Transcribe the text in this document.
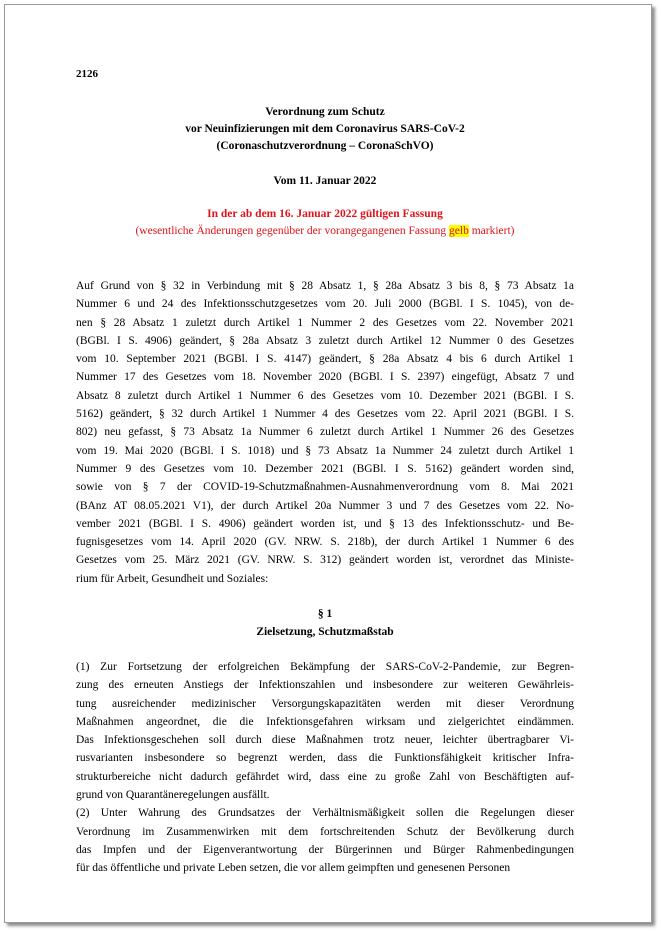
2126
Verordnung zum Schutz
vor Neuinfizierungen mit dem Coronavirus SARS-CoV-2
(Coronaschutzverordnung – CoronaSchVO)
Vom 11. Januar 2022
In der ab dem 16. Januar 2022 gültigen Fassung
(wesentliche Änderungen gegenüber der vorangegangenen Fassung gelb markiert)
Auf Grund von § 32 in Verbindung mit § 28 Absatz 1, § 28a Absatz 3 bis 8, § 73 Absatz 1a
Nummer 6 und 24 des Infektionsschutzgesetzes vom 20. Juli 2000 (BGBl. I S. 1045), von de-
nen § 28 Absatz 1 zuletzt durch Artikel 1 Nummer 2 des Gesetzes vom 22. November 2021
(BGBl. I S. 4906) geändert, § 28a Absatz 3 zuletzt durch Artikel 12 Nummer 0 des Gesetzes
vom 10. September 2021 (BGBl. I S. 4147) geändert, § 28a Absatz 4 bis 6 durch Artikel 1
Nummer 17 des Gesetzes vom 18. November 2020 (BGBl. I S. 2397) eingefügt, Absatz 7 und
Absatz 8 zuletzt durch Artikel 1 Nummer 6 des Gesetzes vom 10. Dezember 2021 (BGBl. I S.
5162) geändert, § 32 durch Artikel 1 Nummer 4 des Gesetzes vom 22. April 2021 (BGBl. I S.
802) neu gefasst, § 73 Absatz 1a Nummer 6 zuletzt durch Artikel 1 Nummer 26 des Gesetzes
vom 19. Mai 2020 (BGBl. I S. 1018) und § 73 Absatz 1a Nummer 24 zuletzt durch Artikel 1
Nummer 9 des Gesetzes vom 10. Dezember 2021 (BGBl. I S. 5162) geändert worden sind,
sowie von § 7 der COVID-19-Schutzmaßnahmen-Ausnahmenverordnung vom 8. Mai 2021
(BAnz AT 08.05.2021 V1), der durch Artikel 20a Nummer 3 und 7 des Gesetzes vom 22. No-
vember 2021 (BGBl. I S. 4906) geändert worden ist, und § 13 des Infektionsschutz- und Be-
fugnisgesetzes vom 14. April 2020 (GV. NRW. S. 218b), der durch Artikel 1 Nummer 6 des
Gesetzes vom 25. März 2021 (GV. NRW. S. 312) geändert worden ist, verordnet das Ministe-
rium für Arbeit, Gesundheit und Soziales:
§ 1
Zielsetzung, Schutzmaßstab
(1) Zur Fortsetzung der erfolgreichen Bekämpfung der SARS-CoV-2-Pandemie, zur Begren-
zung des erneuten Anstiegs der Infektionszahlen und insbesondere zur weiteren Gewährleis-
tung ausreichender medizinischer Versorgungskapazitäten werden mit dieser Verordnung
Maßnahmen angeordnet, die die Infektionsgefahren wirksam und zielgerichtet eindämmen.
Das Infektionsgeschehen soll durch diese Maßnahmen trotz neuer, leichter übertragbarer Vi-
rusvarianten insbesondere so begrenzt werden, dass die Funktionsfähigkeit kritischer Infra-
strukturbereiche nicht dadurch gefährdet wird, dass eine zu große Zahl von Beschäftigten auf-
grund von Quarantäneregelungen ausfällt.
(2) Unter Wahrung des Grundsatzes der Verhältnismäßigkeit sollen die Regelungen dieser
Verordnung im Zusammenwirken mit dem fortschreitenden Schutz der Bevölkerung durch
das Impfen und der Eigenverantwortung der Bürgerinnen und Bürger Rahmenbedingungen
für das öffentliche und private Leben setzen, die vor allem geimpften und genesenen Personen
